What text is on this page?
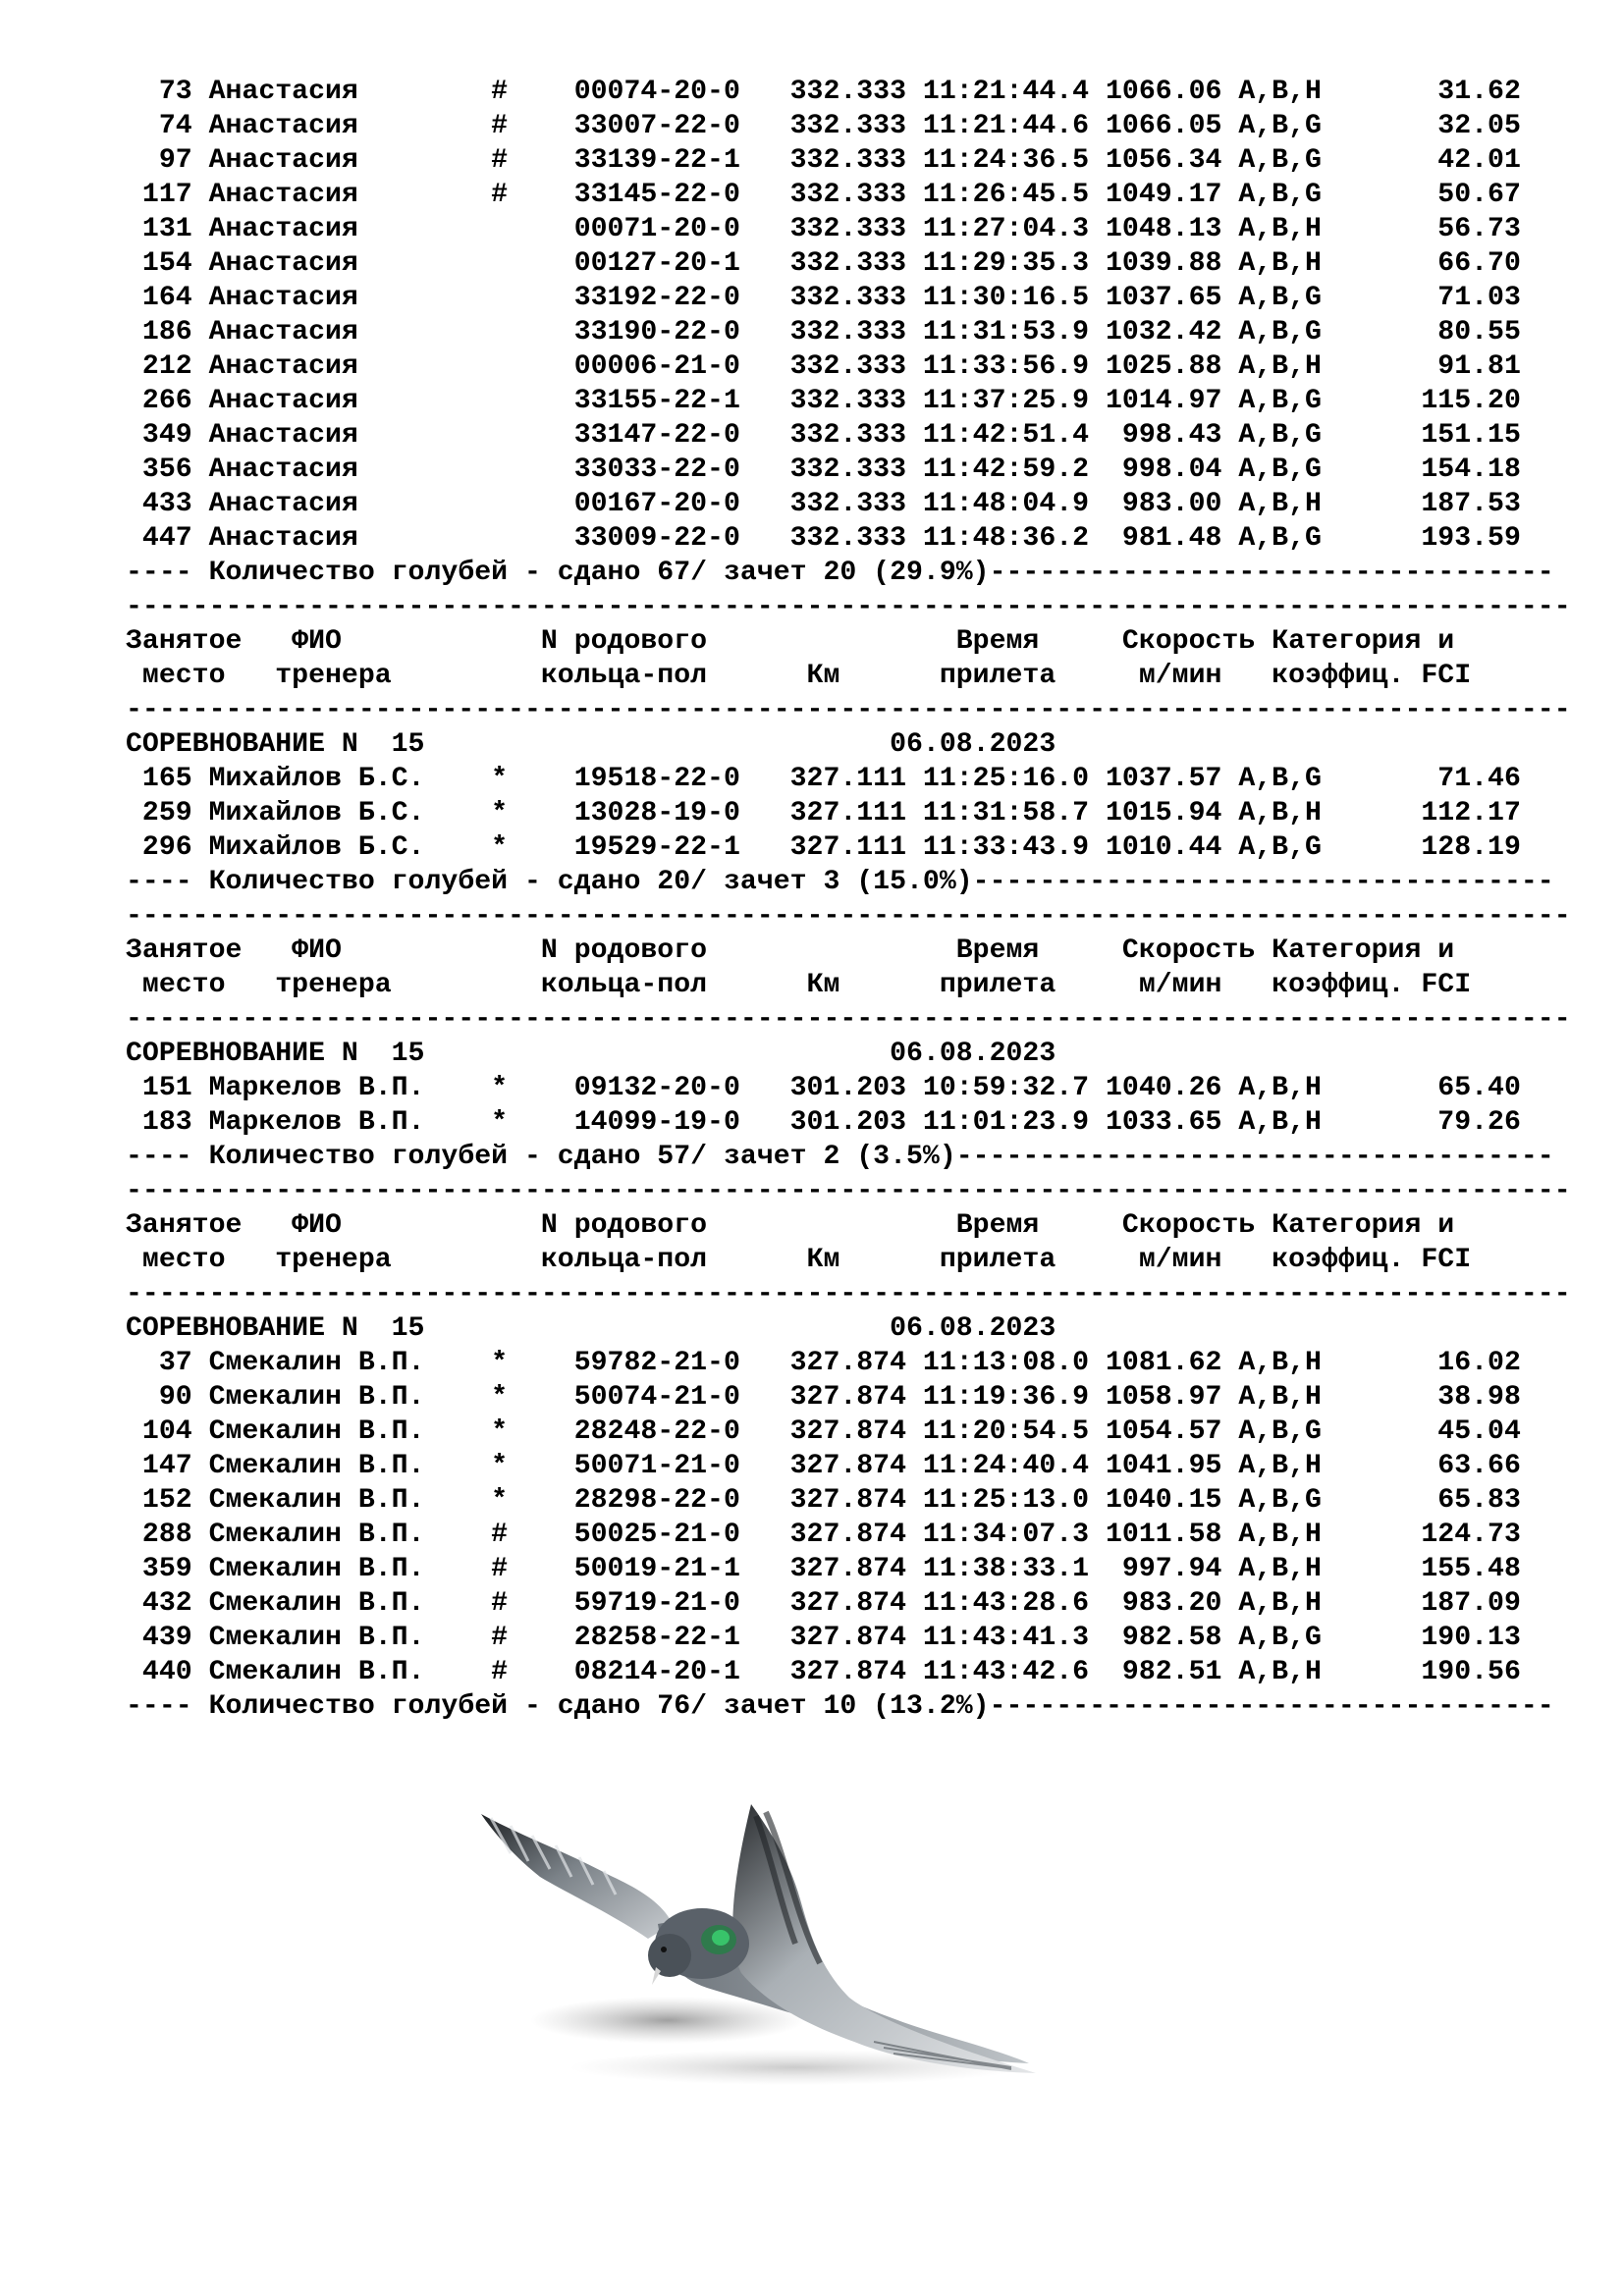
73 Анастасия        #    00074-20-0   332.333 11:21:44.4 1066.06 A,B,H       31.62
74 Анастасия        #    33007-22-0   332.333 11:21:44.6 1066.05 A,B,G       32.05
97 Анастасия        #    33139-22-1   332.333 11:24:36.5 1056.34 A,B,G       42.01
117 Анастасия        #    33145-22-0   332.333 11:26:45.5 1049.17 A,B,G       50.67
131 Анастасия             00071-20-0   332.333 11:27:04.3 1048.13 A,B,H       56.73
154 Анастасия             00127-20-1   332.333 11:29:35.3 1039.88 A,B,H       66.70
164 Анастасия             33192-22-0   332.333 11:30:16.5 1037.65 A,B,G       71.03
186 Анастасия             33190-22-0   332.333 11:31:53.9 1032.42 A,B,G       80.55
212 Анастасия             00006-21-0   332.333 11:33:56.9 1025.88 A,B,H       91.81
266 Анастасия             33155-22-1   332.333 11:37:25.9 1014.97 A,B,G      115.20
349 Анастасия             33147-22-0   332.333 11:42:51.4  998.43 A,B,G      151.15
356 Анастасия             33033-22-0   332.333 11:42:59.2  998.04 A,B,G      154.18
433 Анастасия             00167-20-0   332.333 11:48:04.9  983.00 A,B,H      187.53
447 Анастасия             33009-22-0   332.333 11:48:36.2  981.48 A,B,G      193.59
---- Количество голубей - сдано 67/ зачет 20 (29.9%)----------------------------------
---------------------------------------------------------------------------------------
Занятое   ФИО            N родового               Время     Скорость Категория и
место   тренера         кольца-пол      Км      прилета     м/мин   коэффиц. FCI
---------------------------------------------------------------------------------------
СОРЕВНОВАНИЕ N  15                            06.08.2023
165 Михайлов Б.С.    *    19518-22-0   327.111 11:25:16.0 1037.57 A,B,G       71.46
259 Михайлов Б.С.    *    13028-19-0   327.111 11:31:58.7 1015.94 A,B,H      112.17
296 Михайлов Б.С.    *    19529-22-1   327.111 11:33:43.9 1010.44 A,B,G      128.19
---- Количество голубей - сдано 20/ зачет 3 (15.0%)-----------------------------------
---------------------------------------------------------------------------------------
Занятое   ФИО            N родового               Время     Скорость Категория и
место   тренера         кольца-пол      Км      прилета     м/мин   коэффиц. FCI
---------------------------------------------------------------------------------------
СОРЕВНОВАНИЕ N  15                            06.08.2023
151 Маркелов В.П.    *    09132-20-0   301.203 10:59:32.7 1040.26 A,B,H       65.40
183 Маркелов В.П.    *    14099-19-0   301.203 11:01:23.9 1033.65 A,B,H       79.26
---- Количество голубей - сдано 57/ зачет 2 (3.5%)------------------------------------
---------------------------------------------------------------------------------------
Занятое   ФИО            N родового               Время     Скорость Категория и
место   тренера         кольца-пол      Км      прилета     м/мин   коэффиц. FCI
---------------------------------------------------------------------------------------
СОРЕВНОВАНИЕ N  15                            06.08.2023
37 Смекалин В.П.    *    59782-21-0   327.874 11:13:08.0 1081.62 A,B,H       16.02
90 Смекалин В.П.    *    50074-21-0   327.874 11:19:36.9 1058.97 A,B,H       38.98
104 Смекалин В.П.    *    28248-22-0   327.874 11:20:54.5 1054.57 A,B,G       45.04
147 Смекалин В.П.    *    50071-21-0   327.874 11:24:40.4 1041.95 A,B,H       63.66
152 Смекалин В.П.    *    28298-22-0   327.874 11:25:13.0 1040.15 A,B,G       65.83
288 Смекалин В.П.    #    50025-21-0   327.874 11:34:07.3 1011.58 A,B,H      124.73
359 Смекалин В.П.    #    50019-21-1   327.874 11:38:33.1  997.94 A,B,H      155.48
432 Смекалин В.П.    #    59719-21-0   327.874 11:43:28.6  983.20 A,B,H      187.09
439 Смекалин В.П.    #    28258-22-1   327.874 11:43:41.3  982.58 A,B,G      190.13
440 Смекалин В.П.    #    08214-20-1   327.874 11:43:42.6  982.51 A,B,H      190.56
---- Количество голубей - сдано 76/ зачет 10 (13.2%)----------------------------------
